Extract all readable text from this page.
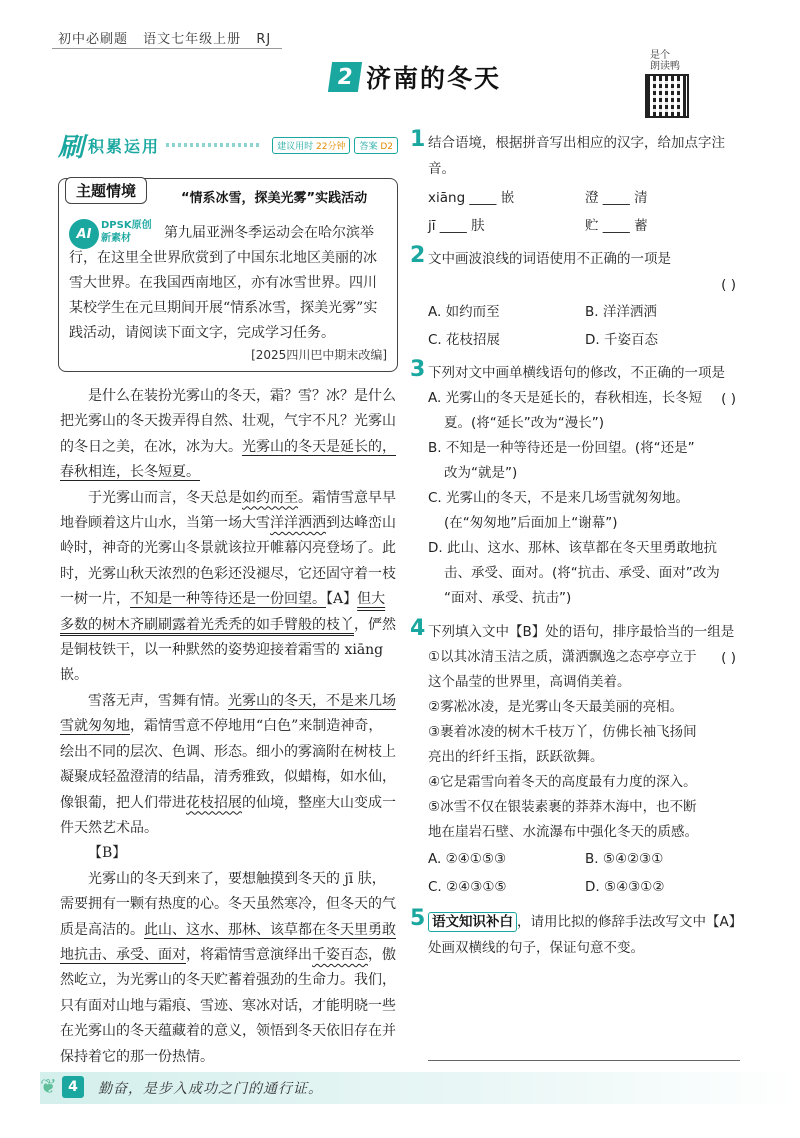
初中必刷题 语文七年级上册 RJ
2 济南的冬天
是个
朗读鸭
刷 积累运用	建议用时 22分钟	答案 D2
主题情境	“情系冰雪，探美光雾”实践活动
第九届亚洲冬季运动会在哈尔滨举行，在这里全世界欣赏到了中国东北地区美丽的冰雪大世界。在我国西南地区，亦有冰雪世界。四川某校学生在元旦期间开展“情系冰雪，探美光雾”实践活动，请阅读下面文字，完成学习任务。
AI
DPSK原创
新素材
[2025四川巴中期末改编]

是什么在装扮光雾山的冬天，霜？雪？冰？是什么把光雾山的冬天拨弄得自然、壮观，气宇不凡？光雾山的冬日之美，在冰，冰为大。光雾山的冬天是延长的，春秋相连，长冬短夏。

于光雾山而言，冬天总是如约而至。霜情雪意早早地眷顾着这片山水，当第一场大雪洋洋洒洒到达峰峦山岭时，神奇的光雾山冬景就该拉开帷幕闪亮登场了。此时，光雾山秋天浓烈的色彩还没褪尽，它还固守着一枝一树一片，不知是一种等待还是一份回望。【A】但大多数的树木齐刷刷露着光秃秃的如手臂般的枝丫，俨然是铜枝铁干，以一种默然的姿势迎接着霜雪的 xiāng 嵌。

雪落无声，雪舞有情。光雾山的冬天，不是来几场雪就匆匆地，霜情雪意不停地用“白色”来制造神奇，绘出不同的层次、色调、形态。细小的雾滴附在树枝上凝聚成轻盈澄清的结晶，清秀雅致，似蜡梅，如水仙，像银葡，把人们带进花枝招展的仙境，整座大山变成一件天然艺术品。

【B】

光雾山的冬天到来了，要想触摸到冬天的 jī 肤，需要拥有一颗有热度的心。冬天虽然寒冷，但冬天的气质是高洁的。此山、这水、那林、该草都在冬天里勇敢地抗击、承受、面对，将霜情雪意演绎出千姿百态，傲然屹立，为光雾山的冬天贮蓄着强劲的生命力。我们，只有面对山地与霜痕、雪迹、寒冰对话，才能明晓一些在光雾山的冬天蕴藏着的意义，领悟到冬天依旧存在并保持着它的那一份热情。

1 结合语境，根据拼音写出相应的汉字，给加点字注音。
xiāng ____ 嵌	澄 ____ 清
jī ____ 肤	贮 ____ 蓄
2 文中画波浪线的词语使用不正确的一项是
( )

A. 如约而至	B. 洋洋洒洒
C. 花枝招展	D. 千姿百态
3 下列对文中画单横线语句的修改，不正确的一项是
( )
A. 光雾山的冬天是延长的，春秋相连，长冬短
夏。(将“延长”改为“漫长”)
B. 不知是一种等待还是一份回望。(将“还是”
改为“就是”)
C. 光雾山的冬天，不是来几场雪就匆匆地。
(在“匆匆地”后面加上“谢幕”)
D. 此山、这水、那林、该草都在冬天里勇敢地抗
击、承受、面对。(将“抗击、承受、面对”改为
“面对、承受、抗击”)
4 下列填入文中【B】处的语句，排序最恰当的一组是
( )
①以其冰清玉洁之质，潇洒飘逸之态亭亭立于
这个晶莹的世界里，高调俏美着。
②雾凇冰凌，是光雾山冬天最美丽的亮相。
③裹着冰凌的树木千枝万丫，仿佛长袖飞扬间
亮出的纤纤玉指，跃跃欲舞。
④它是霜雪向着冬天的高度最有力度的深入。
⑤冰雪不仅在银装素裹的莽莽木海中，也不断
地在崖岩石壁、水流瀑布中强化冬天的质感。
A. ②④①⑤③	B. ⑤④②③①
C. ②④③①⑤	D. ⑤④③①②
5 语文知识补白 ，请用比拟的修辞手法改写文中【A】处画双横线的句子，保证句意不变。
❦ 4	勤奋，是步入成功之门的通行证。
